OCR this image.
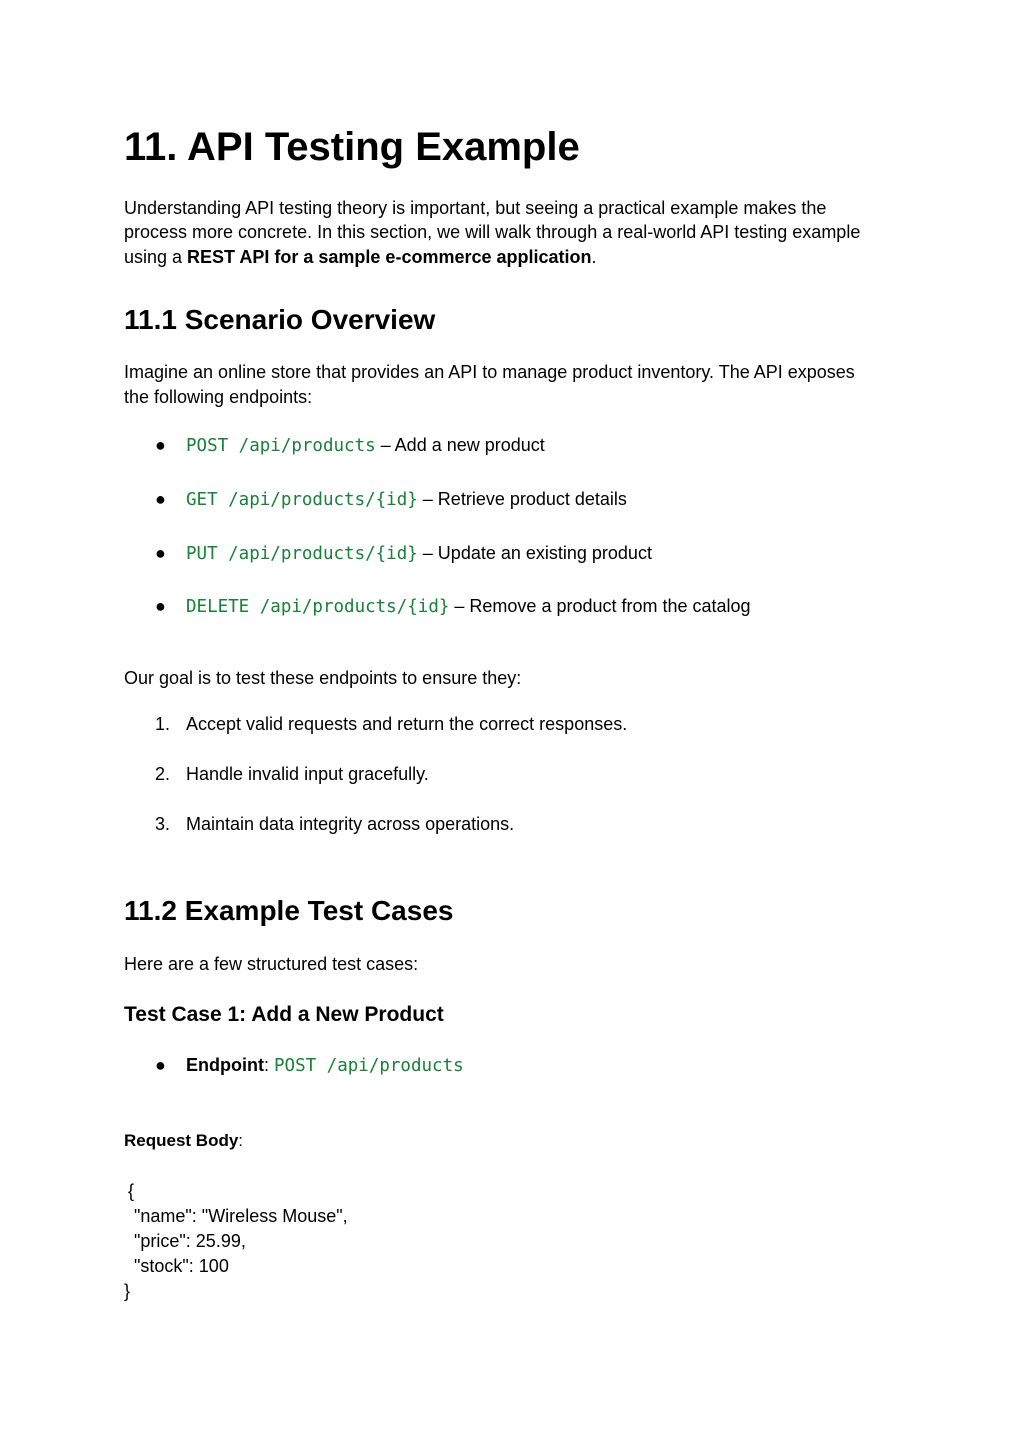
11. API Testing Example
Understanding API testing theory is important, but seeing a practical example makes the
process more concrete. In this section, we will walk through a real-world API testing example
using a REST API for a sample e-commerce application.
11.1 Scenario Overview
Imagine an online store that provides an API to manage product inventory. The API exposes
the following endpoints:
● POST /api/products – Add a new product
● GET /api/products/{id} – Retrieve product details
● PUT /api/products/{id} – Update an existing product
● DELETE /api/products/{id} – Remove a product from the catalog
Our goal is to test these endpoints to ensure they:
1. Accept valid requests and return the correct responses.
2. Handle invalid input gracefully.
3. Maintain data integrity across operations.
11.2 Example Test Cases
Here are a few structured test cases:
Test Case 1: Add a New Product
● Endpoint: POST /api/products
Request Body:
{
"name": "Wireless Mouse",
"price": 25.99,
"stock": 100
}
